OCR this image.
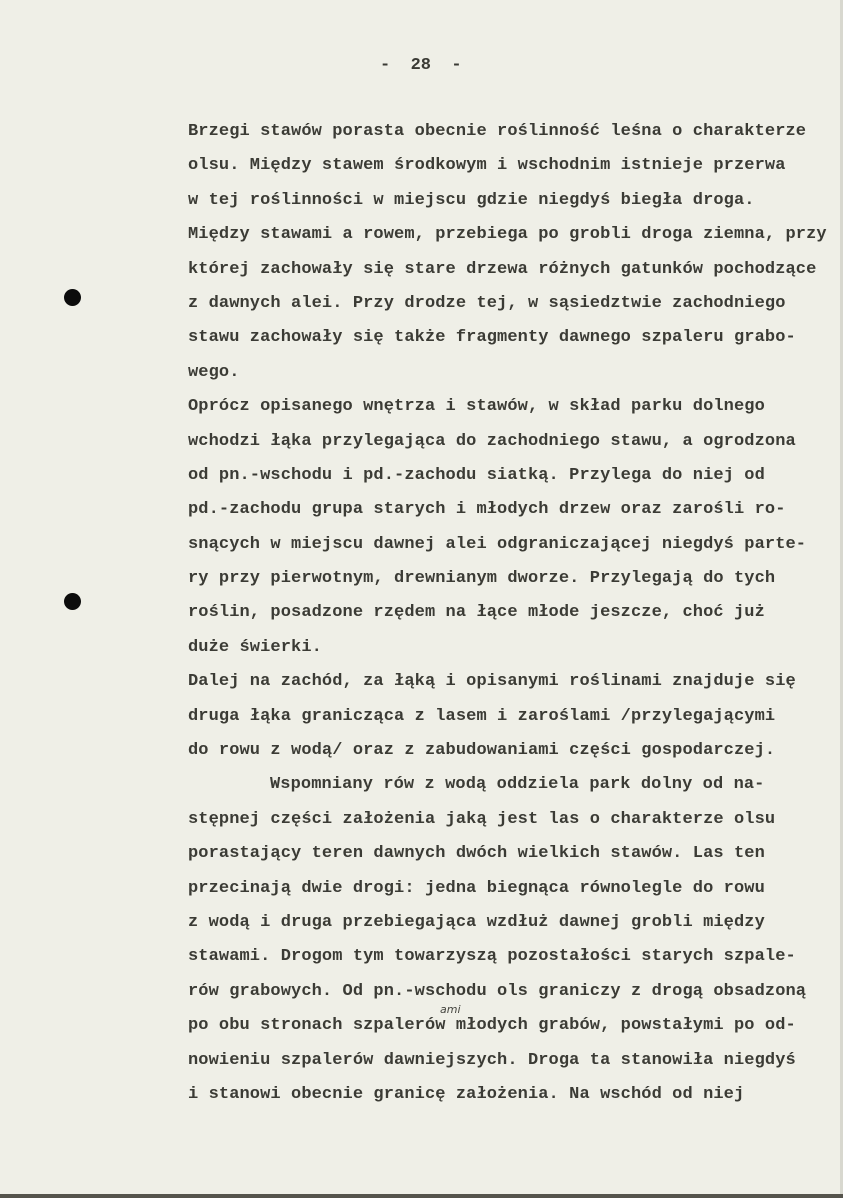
-  28  -
ami
Brzegi stawów porasta obecnie roślinność leśna o charakterze
olsu. Między stawem środkowym i wschodnim istnieje przerwa
w tej roślinności w miejscu gdzie niegdyś biegła droga.
Między stawami a rowem, przebiega po grobli droga ziemna, przy
której zachowały się stare drzewa różnych gatunków pochodzące
z dawnych alei. Przy drodze tej, w sąsiedztwie zachodniego
stawu zachowały się także fragmenty dawnego szpaleru grabo-
wego.
Oprócz opisanego wnętrza i stawów, w skład parku dolnego
wchodzi łąka przylegająca do zachodniego stawu, a ogrodzona
od pn.-wschodu i pd.-zachodu siatką. Przylega do niej od
pd.-zachodu grupa starych i młodych drzew oraz zarośli ro-
snących w miejscu dawnej alei odgraniczającej niegdyś parte-
ry przy pierwotnym, drewnianym dworze. Przylegają do tych
roślin, posadzone rzędem na łące młode jeszcze, choć już
duże świerki.
Dalej na zachód, za łąką i opisanymi roślinami znajduje się
druga łąka granicząca z lasem i zaroślami /przylegającymi
do rowu z wodą/ oraz z zabudowaniami części gospodarczej.
Wspomniany rów z wodą oddziela park dolny od na-
stępnej części założenia jaką jest las o charakterze olsu
porastający teren dawnych dwóch wielkich stawów. Las ten
przecinają dwie drogi: jedna biegnąca równolegle do rowu
z wodą i druga przebiegająca wzdłuż dawnej grobli między
stawami. Drogom tym towarzyszą pozostałości starych szpale-
rów grabowych. Od pn.-wschodu ols graniczy z drogą obsadzoną
po obu stronach szpalerów młodych grabów, powstałymi po od-
nowieniu szpalerów dawniejszych. Droga ta stanowiła niegdyś
i stanowi obecnie granicę założenia. Na wschód od niej
